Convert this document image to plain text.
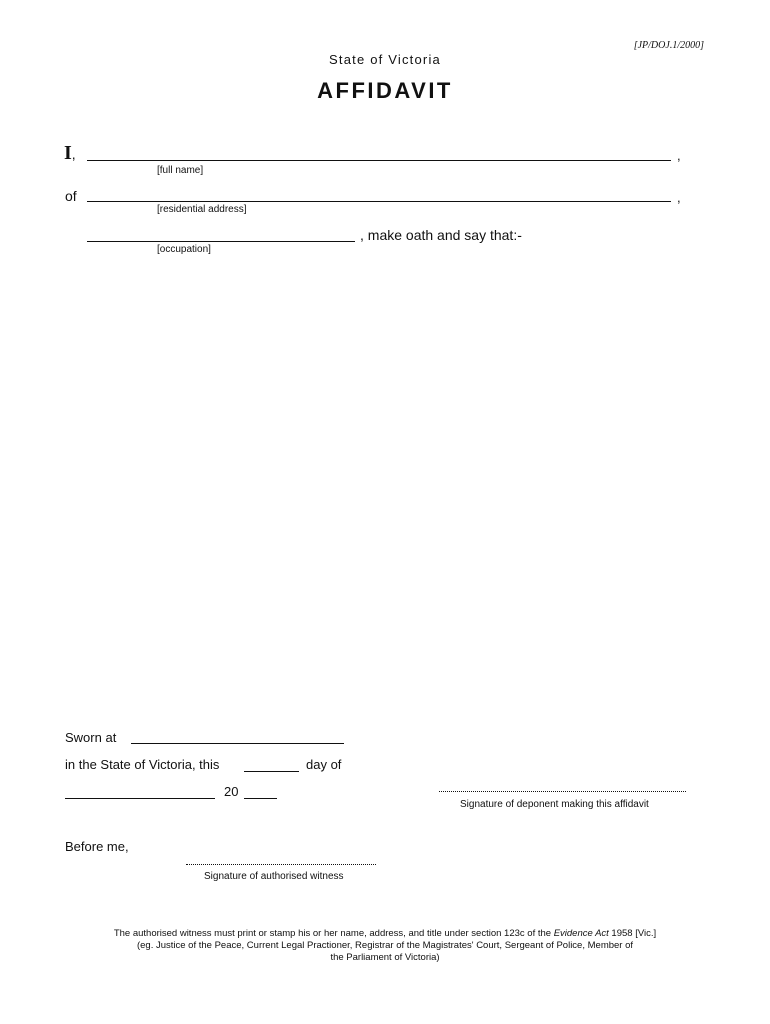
[JP/DOJ.1/2000]
State of Victoria
AFFIDAVIT
I,	,
[full name]
of	,
[residential address]
, make oath and say that:-
[occupation]
Sworn at
in the State of Victoria, this	day of
20
Signature of deponent making this affidavit
Before me,
Signature of authorised witness
The authorised witness must print or stamp his or her name, address, and title under section 123c of the Evidence Act 1958 [Vic.]
(eg. Justice of the Peace, Current Legal Practioner, Registrar of the Magistrates' Court, Sergeant of Police, Member of
the Parliament of Victoria)
